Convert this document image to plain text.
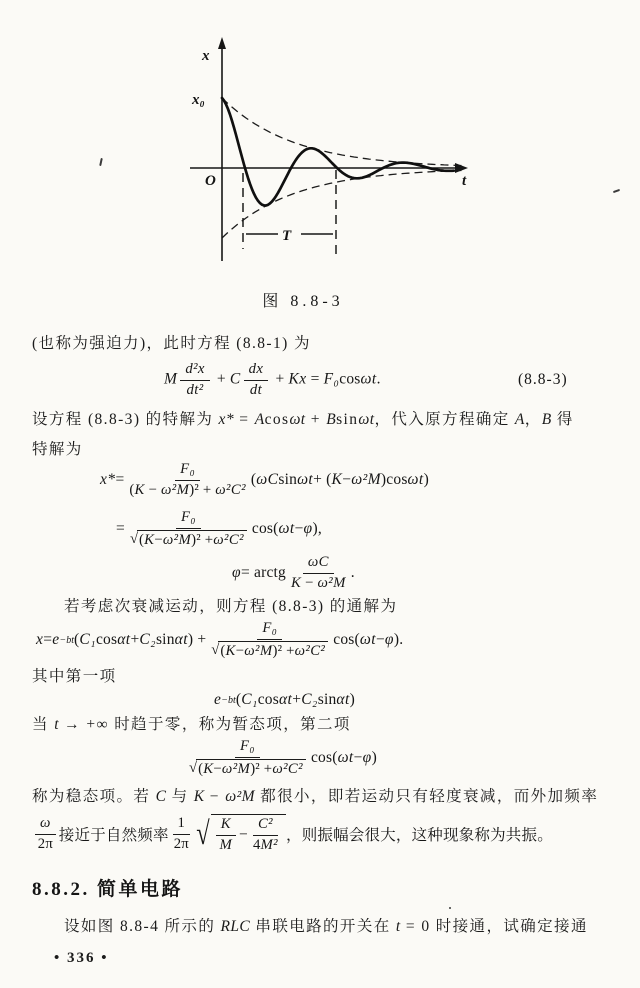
x
x₀
O	t
T
图 8.8-3
(也称为强迫力)，此时方程 (8.8-1) 为
M $\frac{\text{d²x}}{\text{dt²}} + C \frac{dx}{dt} + Kx = F_0\cos\omega t$.	(8.8-3)
设方程 (8.8-3) 的特解为 x* = Acosωt + Bsinωt，代入原方程确定 A，B 得
特解为
$x* = \frac{\text{F₀}}{\text{(K − ω²M)² + ω²C²}}$ ( ωC sin ωt + ( K − ω²M )cos ωt )
= $\frac{\text{F₀}}{\text{√ ( K − ω²M )² + ω²C²}} \cos$( ωt − φ ),
φ = arctg $\frac{\omega C}{\text{K − ω²M}}$ .
若考虑次衰减运动，则方程 (8.8-3) 的通解为
x = e −bt ( C₁ cos αt + C₂ sin αt ) + $\frac{\text{F₀}}{\text{√ ( K − ω²M )² + ω²C²}} \cos$( ωt − φ ).
其中第一项
e −bt ( C₁ cos αt + C₂ sin αt )
当 t → +∞ 时趋于零，称为暂态项，第二项
$\frac{\text{F₀}}{\text{√ ( K − ω²M )² + ω²C²}} \cos$( ωt − φ )
称为稳态项。若 C 与 K − ω²M 都很小，即若运动只有轻度衰减，而外加频率
$\frac{\omega}{2\pi}$ 接近于自然频率 $\frac{1}{2\pi}$ √ $\frac{K}{M} - \frac{\text{C²}}{\text{4M²}}$ ，则振幅会很大，这种现象称为共振。
8.8.2. 简单电路
设如图 8.8-4 所示的 RLC 串联电路的开关在 t = 0 时接通，试确定接通
• 336 •
